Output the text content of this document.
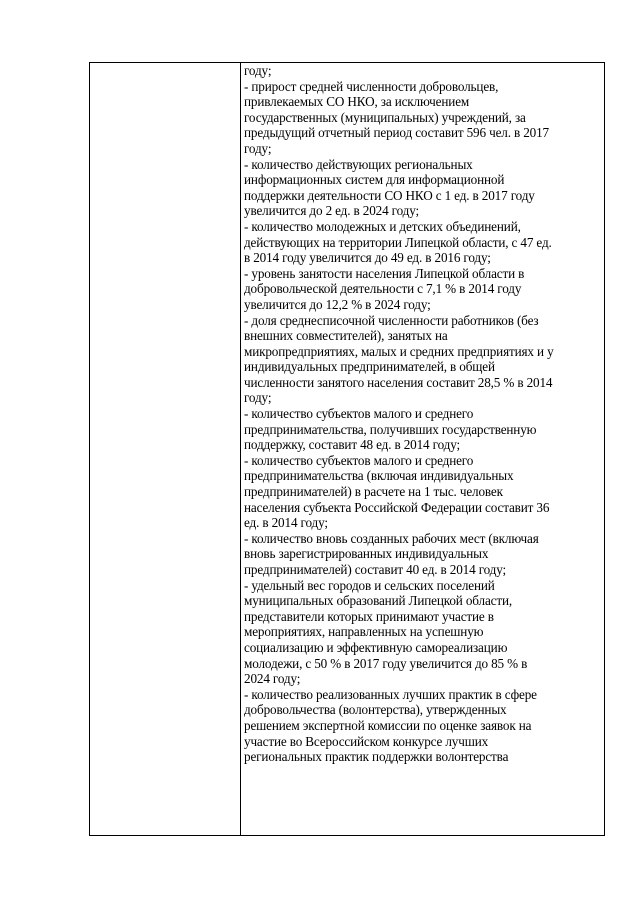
году;
- прирост средней численности добровольцев,
привлекаемых СО НКО, за исключением
государственных (муниципальных) учреждений, за
предыдущий отчетный период составит 596 чел. в 2017
году;
- количество действующих региональных
информационных систем для информационной
поддержки деятельности СО НКО с 1 ед. в 2017 году
увеличится до 2 ед. в 2024 году;
- количество молодежных и детских объединений,
действующих на территории Липецкой области, с 47 ед.
в 2014 году увеличится до 49 ед. в 2016 году;
- уровень занятости населения Липецкой области в
добровольческой деятельности с 7,1 % в 2014 году
увеличится до 12,2 % в 2024 году;
- доля среднесписочной численности работников (без
внешних совместителей), занятых на
микропредприятиях, малых и средних предприятиях и у
индивидуальных предпринимателей, в общей
численности занятого населения составит 28,5 % в 2014
году;
- количество субъектов малого и среднего
предпринимательства, получивших государственную
поддержку, составит 48 ед. в 2014 году;
- количество субъектов малого и среднего
предпринимательства (включая индивидуальных
предпринимателей) в расчете на 1 тыс. человек
населения субъекта Российской Федерации составит 36
ед. в 2014 году;
- количество вновь созданных рабочих мест (включая
вновь зарегистрированных индивидуальных
предпринимателей) составит 40 ед. в 2014 году;
- удельный вес городов и сельских поселений
муниципальных образований Липецкой области,
представители которых принимают участие в
мероприятиях, направленных на успешную
социализацию и эффективную самореализацию
молодежи, с 50 % в 2017 году увеличится до 85 % в
2024 году;
- количество реализованных лучших практик в сфере
добровольчества (волонтерства), утвержденных
решением экспертной комиссии по оценке заявок на
участие во Всероссийском конкурсе лучших
региональных практик поддержки волонтерства
